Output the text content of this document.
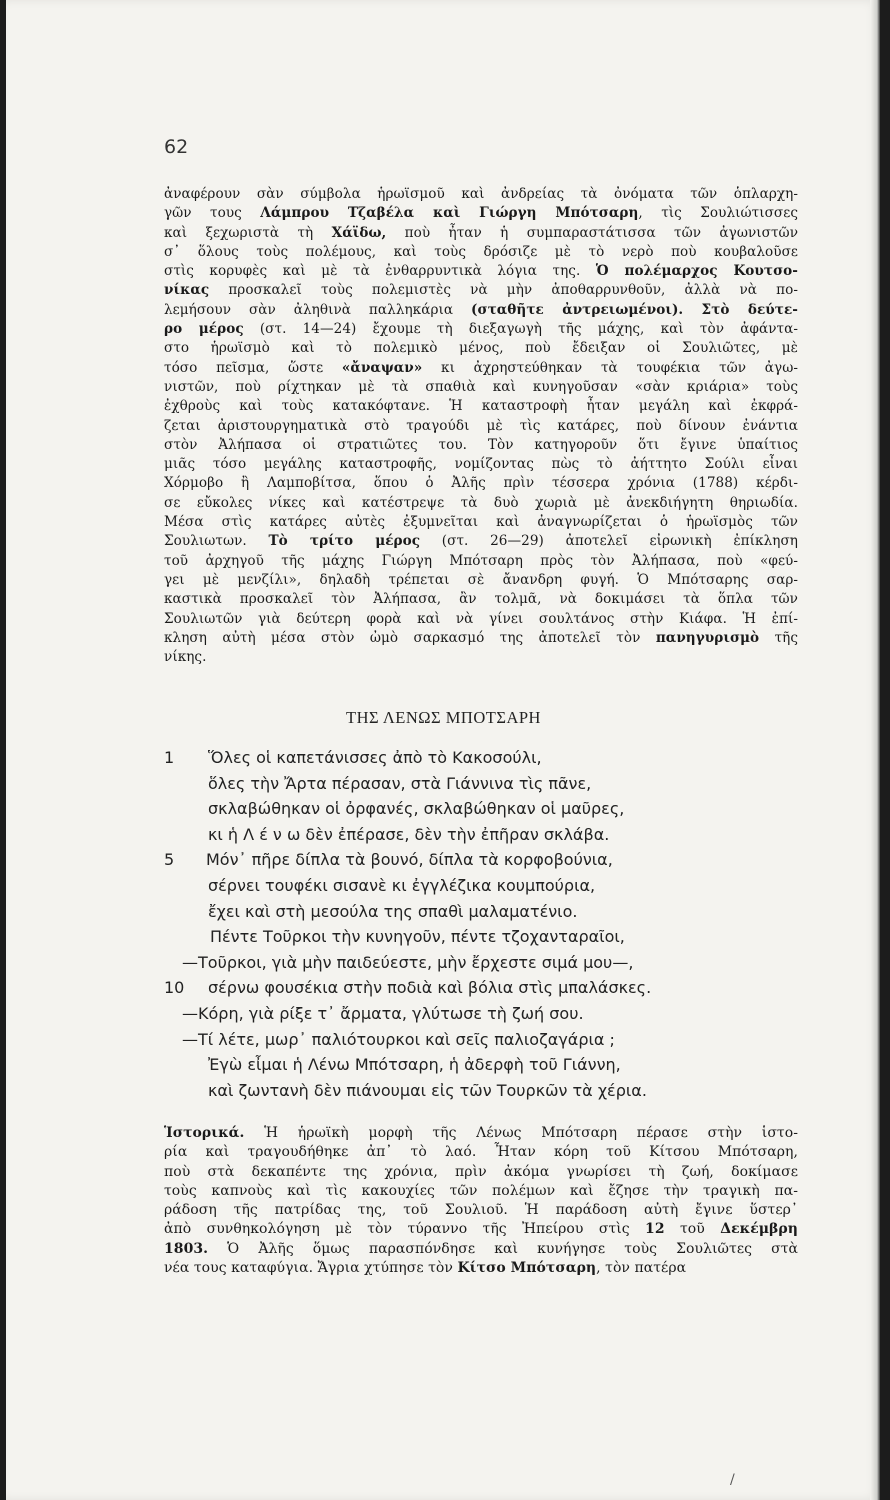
62
ἀναφέρουν σὰν σύμβολα ἡρωϊσμοῦ καὶ ἀνδρείας τὰ ὀνόματα τῶν ὁπλαρχη-
γῶν τους Λάμπρου Τζαβέλα καὶ Γιώργη Μπότσαρη, τὶς Σουλιώτισσες
καὶ ξεχωριστὰ τὴ Χάϊδω, ποὺ ἦταν ἡ συμπαραστάτισσα τῶν ἀγωνιστῶν
σ᾿ ὅλους τοὺς πολέμους, καὶ τοὺς δρόσιζε μὲ τὸ νερὸ ποὺ κουβαλοῦσε
στὶς κορυφὲς καὶ μὲ τὰ ἐνθαρρυντικὰ λόγια της. Ὁ πολέμαρχος Κουτσο-
νίκας προσκαλεῖ τοὺς πολεμιστὲς νὰ μὴν ἀποθαρρυνθοῦν, ἀλλὰ νὰ πο-
λεμήσουν σὰν ἀληθινὰ παλληκάρια (σταθῆτε ἀντρειωμένοι). Στὸ δεύτε-
ρο μέρος (στ. 14—24) ἔχουμε τὴ διεξαγωγὴ τῆς μάχης, καὶ τὸν ἀφάντα-
στο ἡρωϊσμὸ καὶ τὸ πολεμικὸ μένος, ποὺ ἔδειξαν οἱ Σουλιῶτες, μὲ
τόσο πεῖσμα, ὥστε «ἄναψαν» κι ἀχρηστεύθηκαν τὰ τουφέκια τῶν ἀγω-
νιστῶν, ποὺ ρίχτηκαν μὲ τὰ σπαθιὰ καὶ κυνηγοῦσαν «σὰν κριάρια» τοὺς
ἐχθροὺς καὶ τοὺς κατακόφτανε. Ἡ καταστροφὴ ἦταν μεγάλη καὶ ἐκφρά-
ζεται ἀριστουργηματικὰ στὸ τραγούδι μὲ τὶς κατάρες, ποὺ δίνουν ἐνάντια
στὸν Ἀλήπασα οἱ στρατιῶτες του. Τὸν κατηγοροῦν ὅτι ἔγινε ὑπαίτιος
μιᾶς τόσο μεγάλης καταστροφῆς, νομίζοντας πὼς τὸ ἀήττητο Σούλι εἶναι
Χόρμοβο ἢ Λαμποβίτσα, ὅπου ὁ Ἀλῆς πρὶν τέσσερα χρόνια (1788) κέρδι-
σε εὔκολες νίκες καὶ κατέστρεψε τὰ δυὸ χωριὰ μὲ ἀνεκδιήγητη θηριωδία.
Μέσα στὶς κατάρες αὐτὲς ἐξυμνεῖται καὶ ἀναγνωρίζεται ὁ ἡρωϊσμὸς τῶν
Σουλιωτων. Τὸ τρίτο μέρος (στ. 26—29) ἀποτελεῖ εἰρωνικὴ ἐπίκληση
τοῦ ἀρχηγοῦ τῆς μάχης Γιώργη Μπότσαρη πρὸς τὸν Ἀλήπασα, ποὺ «φεύ-
γει μὲ μενζίλι», δηλαδὴ τρέπεται σὲ ἄνανδρη φυγή. Ὁ Μπότσαρης σαρ-
καστικὰ προσκαλεῖ τὸν Ἀλήπασα, ἂν τολμᾶ, νὰ δοκιμάσει τὰ ὅπλα τῶν
Σουλιωτῶν γιὰ δεύτερη φορὰ καὶ νὰ γίνει σουλτάνος στὴν Κιάφα. Ἡ ἐπί-
κληση αὐτὴ μέσα στὸν ὠμὸ σαρκασμό της ἀποτελεῖ τὸν πανηγυρισμὸ τῆς
νίκης.
ΤΗΣ ΛΕΝΩΣ ΜΠΟΤΣΑΡΗ
1	Ὅλες οἱ καπετάνισσες ἀπὸ τὸ Κακοσούλι,
ὅλες τὴν Ἄρτα πέρασαν, στὰ Γιάννινα τὶς πᾶνε,
σκλαβώθηκαν οἱ ὀρφανές, σκλαβώθηκαν οἱ μαῦρες,
κι ἡ Λ έ ν ω δὲν ἐπέρασε, δὲν τὴν ἐπῆραν σκλάβα.
5	Μόν᾿ πῆρε δίπλα τὰ βουνό, δίπλα τὰ κορφοβούνια,
σέρνει τουφέκι σισανὲ κι ἐγγλέζικα κουμπούρια,
ἔχει καὶ στὴ μεσούλα της σπαθὶ μαλαματένιο.
Πέντε Τοῦρκοι τὴν κυνηγοῦν, πέντε τζοχανταραῖοι,
—Τοῦρκοι, γιὰ μὴν παιδεύεστε, μὴν ἔρχεστε σιμά μου—,
10	σέρνω φουσέκια στὴν ποδιὰ καὶ βόλια στὶς μπαλάσκες.
—Κόρη, γιὰ ρίξε τ᾿ ἄρματα, γλύτωσε τὴ ζωή σου.
—Τί λέτε, μωρ᾿ παλιότουρκοι καὶ σεῖς παλιοζαγάρια ;
Ἐγὼ εἶμαι ἡ Λένω Μπότσαρη, ἡ ἀδερφὴ τοῦ Γιάννη,
καὶ ζωντανὴ δὲν πιάνουμαι εἰς τῶν Τουρκῶν τὰ χέρια.
Ἱστορικά. Ἡ ἡρωϊκὴ μορφὴ τῆς Λένως Μπότσαρη πέρασε στὴν ἱστο-
ρία καὶ τραγουδήθηκε ἀπ᾿ τὸ λαό. Ἦταν κόρη τοῦ Κίτσου Μπότσαρη,
ποὺ στὰ δεκαπέντε της χρόνια, πρὶν ἀκόμα γνωρίσει τὴ ζωή, δοκίμασε
τοὺς καπνοὺς καὶ τὶς κακουχίες τῶν πολέμων καὶ ἔζησε τὴν τραγικὴ πα-
ράδοση τῆς πατρίδας της, τοῦ Σουλιοῦ. Ἡ παράδοση αὐτὴ ἔγινε ὕστερ᾿
ἀπὸ συνθηκολόγηση μὲ τὸν τύραννο τῆς Ἠπείρου στὶς 12 τοῦ Δεκέμβρη
1803. Ὁ Ἀλῆς ὅμως παρασπόνδησε καὶ κυνήγησε τοὺς Σουλιῶτες στὰ
νέα τους καταφύγια. Ἄγρια χτύπησε τὸν Κίτσο Μπότσαρη, τὸν πατέρα
/
